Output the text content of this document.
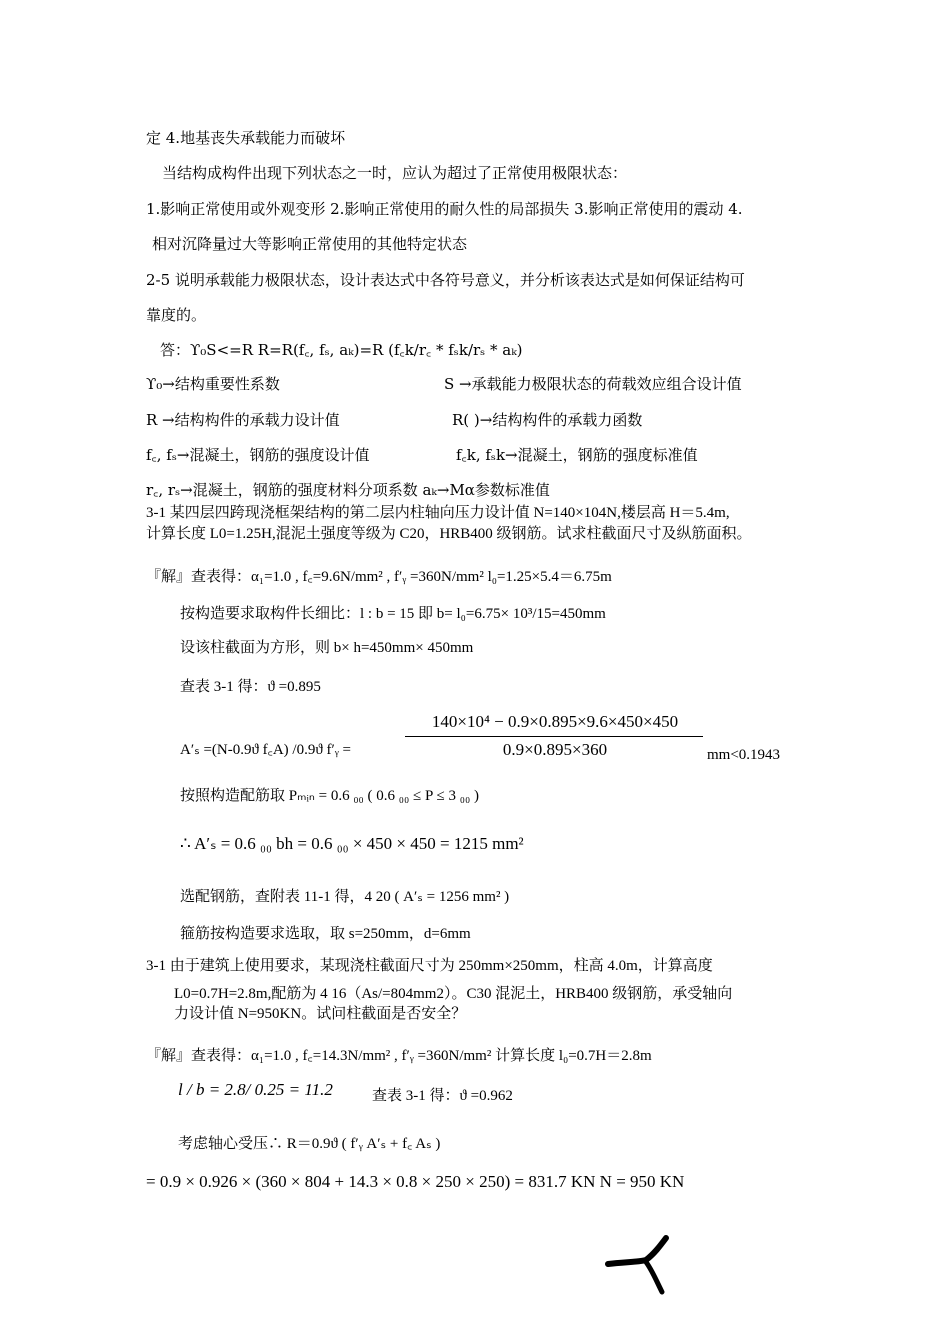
定 4.地基丧失承载能力而破坏
当结构成构件出现下列状态之一时，应认为超过了正常使用极限状态：
1.影响正常使用或外观变形 2.影响正常使用的耐久性的局部损失 3.影响正常使用的震动 4.
相对沉降量过大等影响正常使用的其他特定状态
2-5 说明承载能力极限状态，设计表达式中各符号意义，并分析该表达式是如何保证结构可
靠度的。
答：ϒ₀S<=R R=R(f꜀, fₛ, aₖ)=R (f꜀k/r꜀ * fₛk/rₛ * aₖ)
ϒ₀→结构重要性系数	S →承载能力极限状态的荷载效应组合设计值
R →结构构件的承载力设计值	R( )→结构构件的承载力函数
f꜀, fₛ→混凝土，钢筋的强度设计值	f꜀k, fₛk→混凝土，钢筋的强度标准值
r꜀, rₛ→混凝土，钢筋的强度材料分项系数 aₖ→Mα参数标准值
3-1 某四层四跨现浇框架结构的第二层内柱轴向压力设计值 N=140×104N,楼层高 H＝5.4m,
计算长度 L0=1.25H,混泥土强度等级为 C20，HRB400 级钢筋。试求柱截面尺寸及纵筋面积。
『解』查表得：α₁=1.0 , f꜀=9.6N/mm² , f′ᵧ =360N/mm² l₀=1.25×5.4＝6.75m
按构造要求取构件长细比：l : b = 15 即 b= l₀=6.75× 10³/15=450mm
设该柱截面为方形，则 b× h=450mm× 450mm
查表 3-1 得：ϑ =0.895
A′ₛ =(N-0.9ϑ f꜀A) /0.9ϑ f′ᵧ =
140×10⁴ − 0.9×0.895×9.6×450×450
0.9×0.895×360	mm<0.1943
按照构造配筋取 Pₘᵢₙ = 0.6 ₀₀ ( 0.6 ₀₀ ≤ P ≤ 3 ₀₀ )
∴ A′ₛ = 0.6 ₀₀ bh = 0.6 ₀₀ × 450 × 450 = 1215 mm²
选配钢筋，查附表 11-1 得，4 20 ( A′ₛ = 1256 mm² )
箍筋按构造要求选取，取 s=250mm，d=6mm
3-1 由于建筑上使用要求，某现浇柱截面尺寸为 250mm×250mm，柱高 4.0m，计算高度
L0=0.7H=2.8m,配筋为 4 16（As/=804mm2）。C30 混泥土，HRB400 级钢筋，承受轴向
力设计值 N=950KN。试问柱截面是否安全？
『解』查表得：α₁=1.0 , f꜀=14.3N/mm² , f′ᵧ =360N/mm² 计算长度 l₀=0.7H＝2.8m
l / b = 2.8/ 0.25 = 11.2	查表 3-1 得：ϑ =0.962
考虑轴心受压∴ R＝0.9ϑ ( f′ᵧ A′ₛ + f꜀ Aₛ )
= 0.9 × 0.926 × (360 × 804 + 14.3 × 0.8 × 250 × 250) = 831.7 KN N = 950 KN
